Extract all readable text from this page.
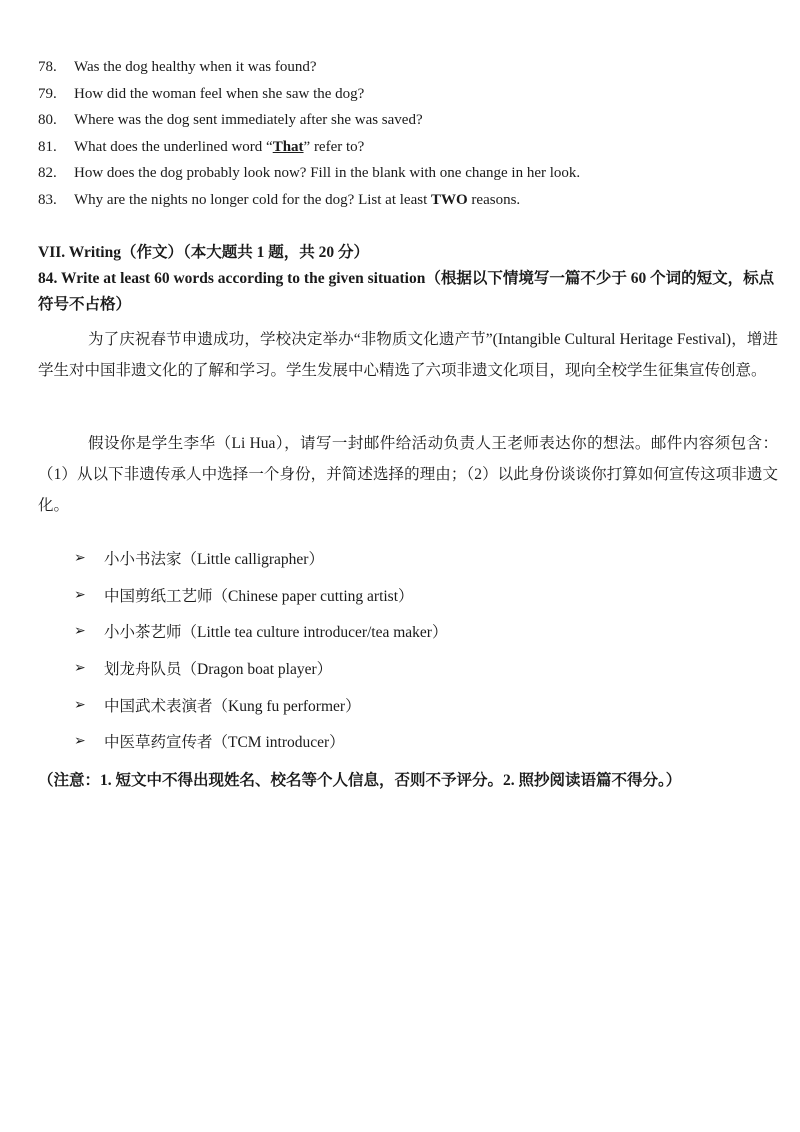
78.	Was the dog healthy when it was found?
79.	How did the woman feel when she saw the dog?
80.	Where was the dog sent immediately after she was saved?
81.	What does the underlined word “That” refer to?
82.	How does the dog probably look now? Fill in the blank with one change in her look.
83.	Why are the nights no longer cold for the dog? List at least TWO reasons.
VII. Writing（作文）（本大题共 1 题，共 20 分）
84. Write at least 60 words according to the given situation（根据以下情境写一篇不少于 60 个词的短文，标点符号不占格）
为了庆祝春节申遗成功，学校决定举办“非物质文化遗产节”(Intangible Cultural Heritage Festival)，增进学生对中国非遗文化的了解和学习。学生发展中心精选了六项非遗文化项目，现向全校学生征集宣传创意。
假设你是学生李华（Li Hua），请写一封邮件给活动负责人王老师表达你的想法。邮件内容须包含：（1）从以下非遗传承人中选择一个身份，并简述选择的理由；（2）以此身份谈谈你打算如何宣传这项非遗文化。
➢	小小书法家（Little calligrapher）
➢	中国剪纸工艺师（Chinese paper cutting artist）
➢	小小茶艺师（Little tea culture introducer/tea maker）
➢	划龙舟队员（Dragon boat player）
➢	中国武术表演者（Kung fu performer）
➢	中医草药宣传者（TCM introducer）
（注意：1. 短文中不得出现姓名、校名等个人信息，否则不予评分。2. 照抄阅读语篇不得分。）
